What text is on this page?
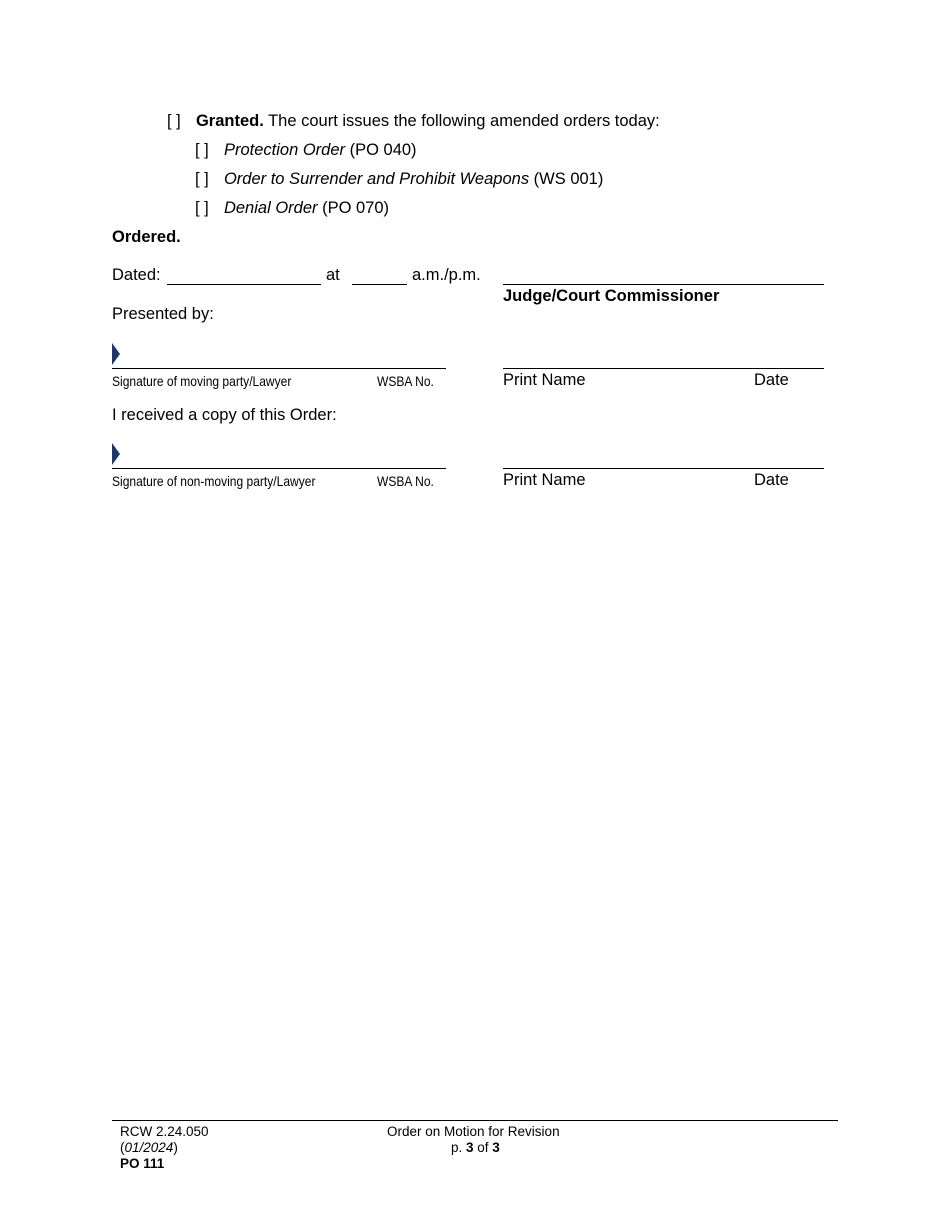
[ ] Granted. The court issues the following amended orders today:
[ ] Protection Order (PO 040)
[ ] Order to Surrender and Prohibit Weapons (WS 001)
[ ] Denial Order (PO 070)
Ordered.
Dated:	at	a.m./p.m.
Judge/Court Commissioner
Presented by:
Signature of moving party/Lawyer	WSBA No.	Print Name	Date
I received a copy of this Order:
Signature of non-moving party/Lawyer	WSBA No.	Print Name	Date
RCW 2.24.050
(01/2024)
PO 111
Order on Motion for Revision
p. 3 of 3
